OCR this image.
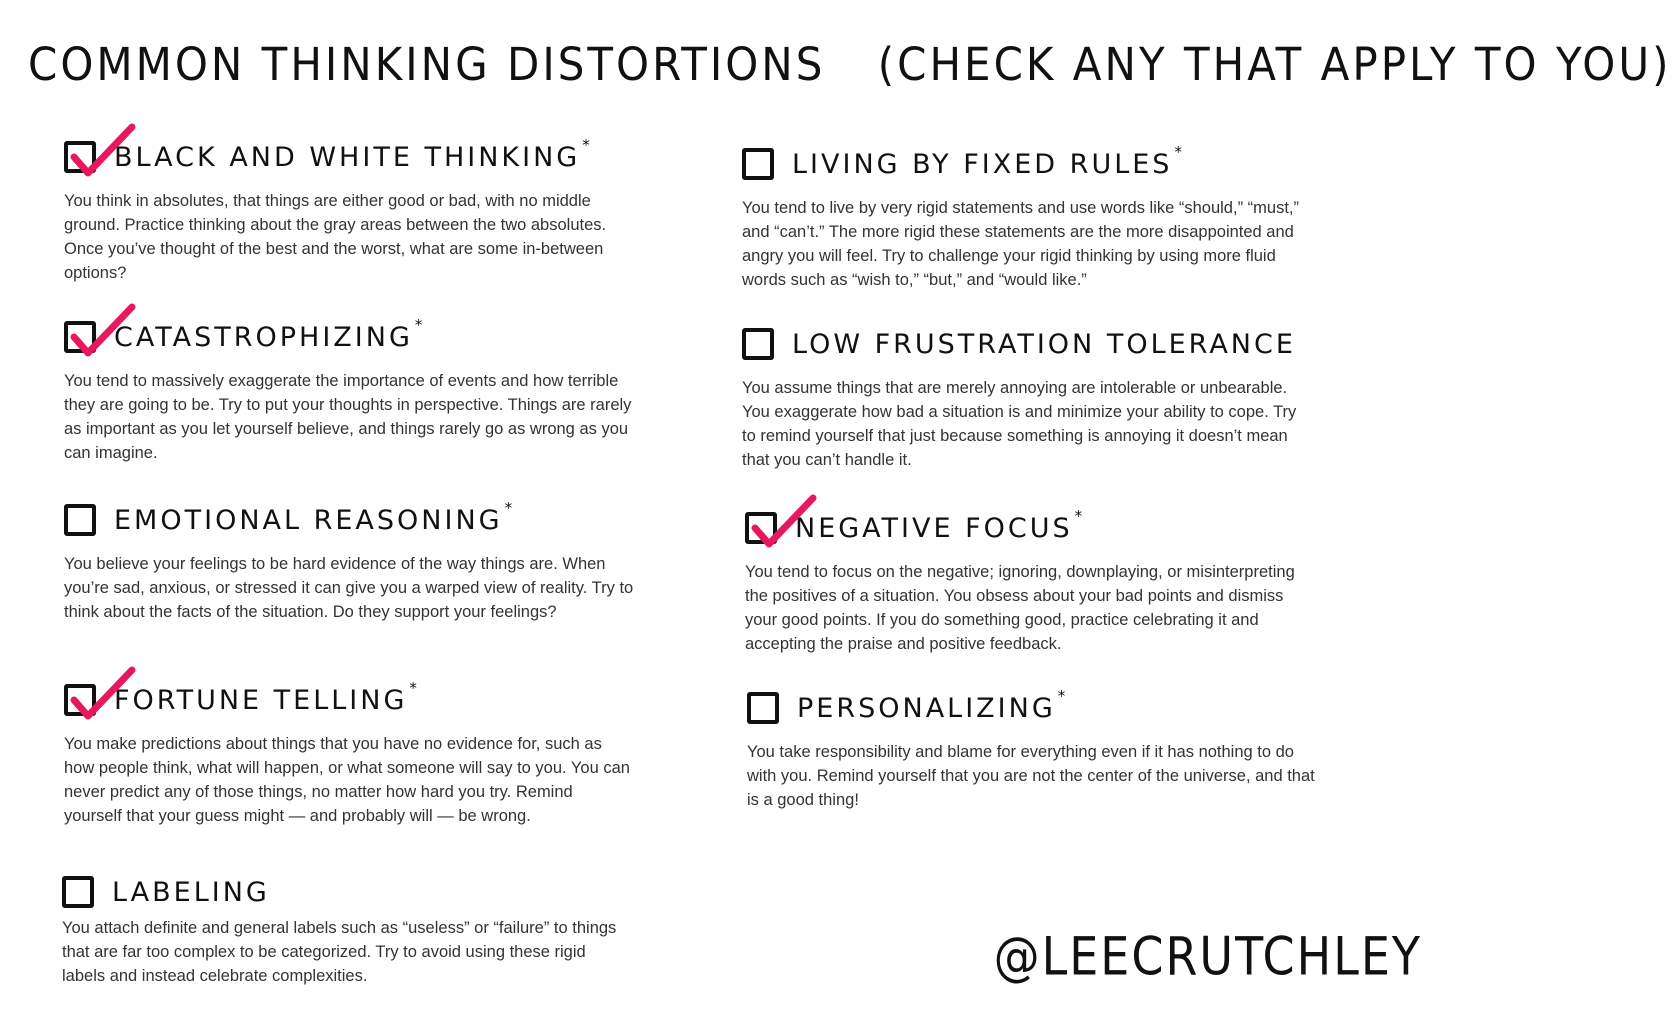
COMMON THINKING DISTORTIONS (CHECK ANY THAT APPLY TO YOU)
BLACK AND WHITE THINKING *
You think in absolutes, that things are either good or bad, with no middle ground. Practice thinking about the gray areas between the two absolutes. Once you’ve thought of the best and the worst, what are some in-between options?
CATASTROPHIZING *
You tend to massively exaggerate the importance of events and how terrible they are going to be. Try to put your thoughts in perspective. Things are rarely as important as you let yourself believe, and things rarely go as wrong as you can imagine.
EMOTIONAL REASONING *
You believe your feelings to be hard evidence of the way things are. When you’re sad, anxious, or stressed it can give you a warped view of reality. Try to think about the facts of the situation. Do they support your feelings?
FORTUNE TELLING *
You make predictions about things that you have no evidence for, such as how people think, what will happen, or what someone will say to you. You can never predict any of those things, no matter how hard you try. Remind yourself that your guess might — and probably will — be wrong.
LABELING
You attach definite and general labels such as “useless” or “failure” to things that are far too complex to be categorized. Try to avoid using these rigid labels and instead celebrate complexities.
LIVING BY FIXED RULES *
You tend to live by very rigid statements and use words like “should,” “must,” and “can’t.” The more rigid these statements are the more disappointed and angry you will feel. Try to challenge your rigid thinking by using more fluid words such as “wish to,” “but,” and “would like.”
LOW FRUSTRATION TOLERANCE
You assume things that are merely annoying are intolerable or unbearable. You exaggerate how bad a situation is and minimize your ability to cope. Try to remind yourself that just because something is annoying it doesn’t mean that you can’t handle it.
NEGATIVE FOCUS *
You tend to focus on the negative; ignoring, downplaying, or misinterpreting the positives of a situation. You obsess about your bad points and dismiss your good points. If you do something good, practice celebrating it and accepting the praise and positive feedback.
PERSONALIZING *
You take responsibility and blame for everything even if it has nothing to do with you. Remind yourself that you are not the center of the universe, and that is a good thing!
@LEECRUTCHLEY
